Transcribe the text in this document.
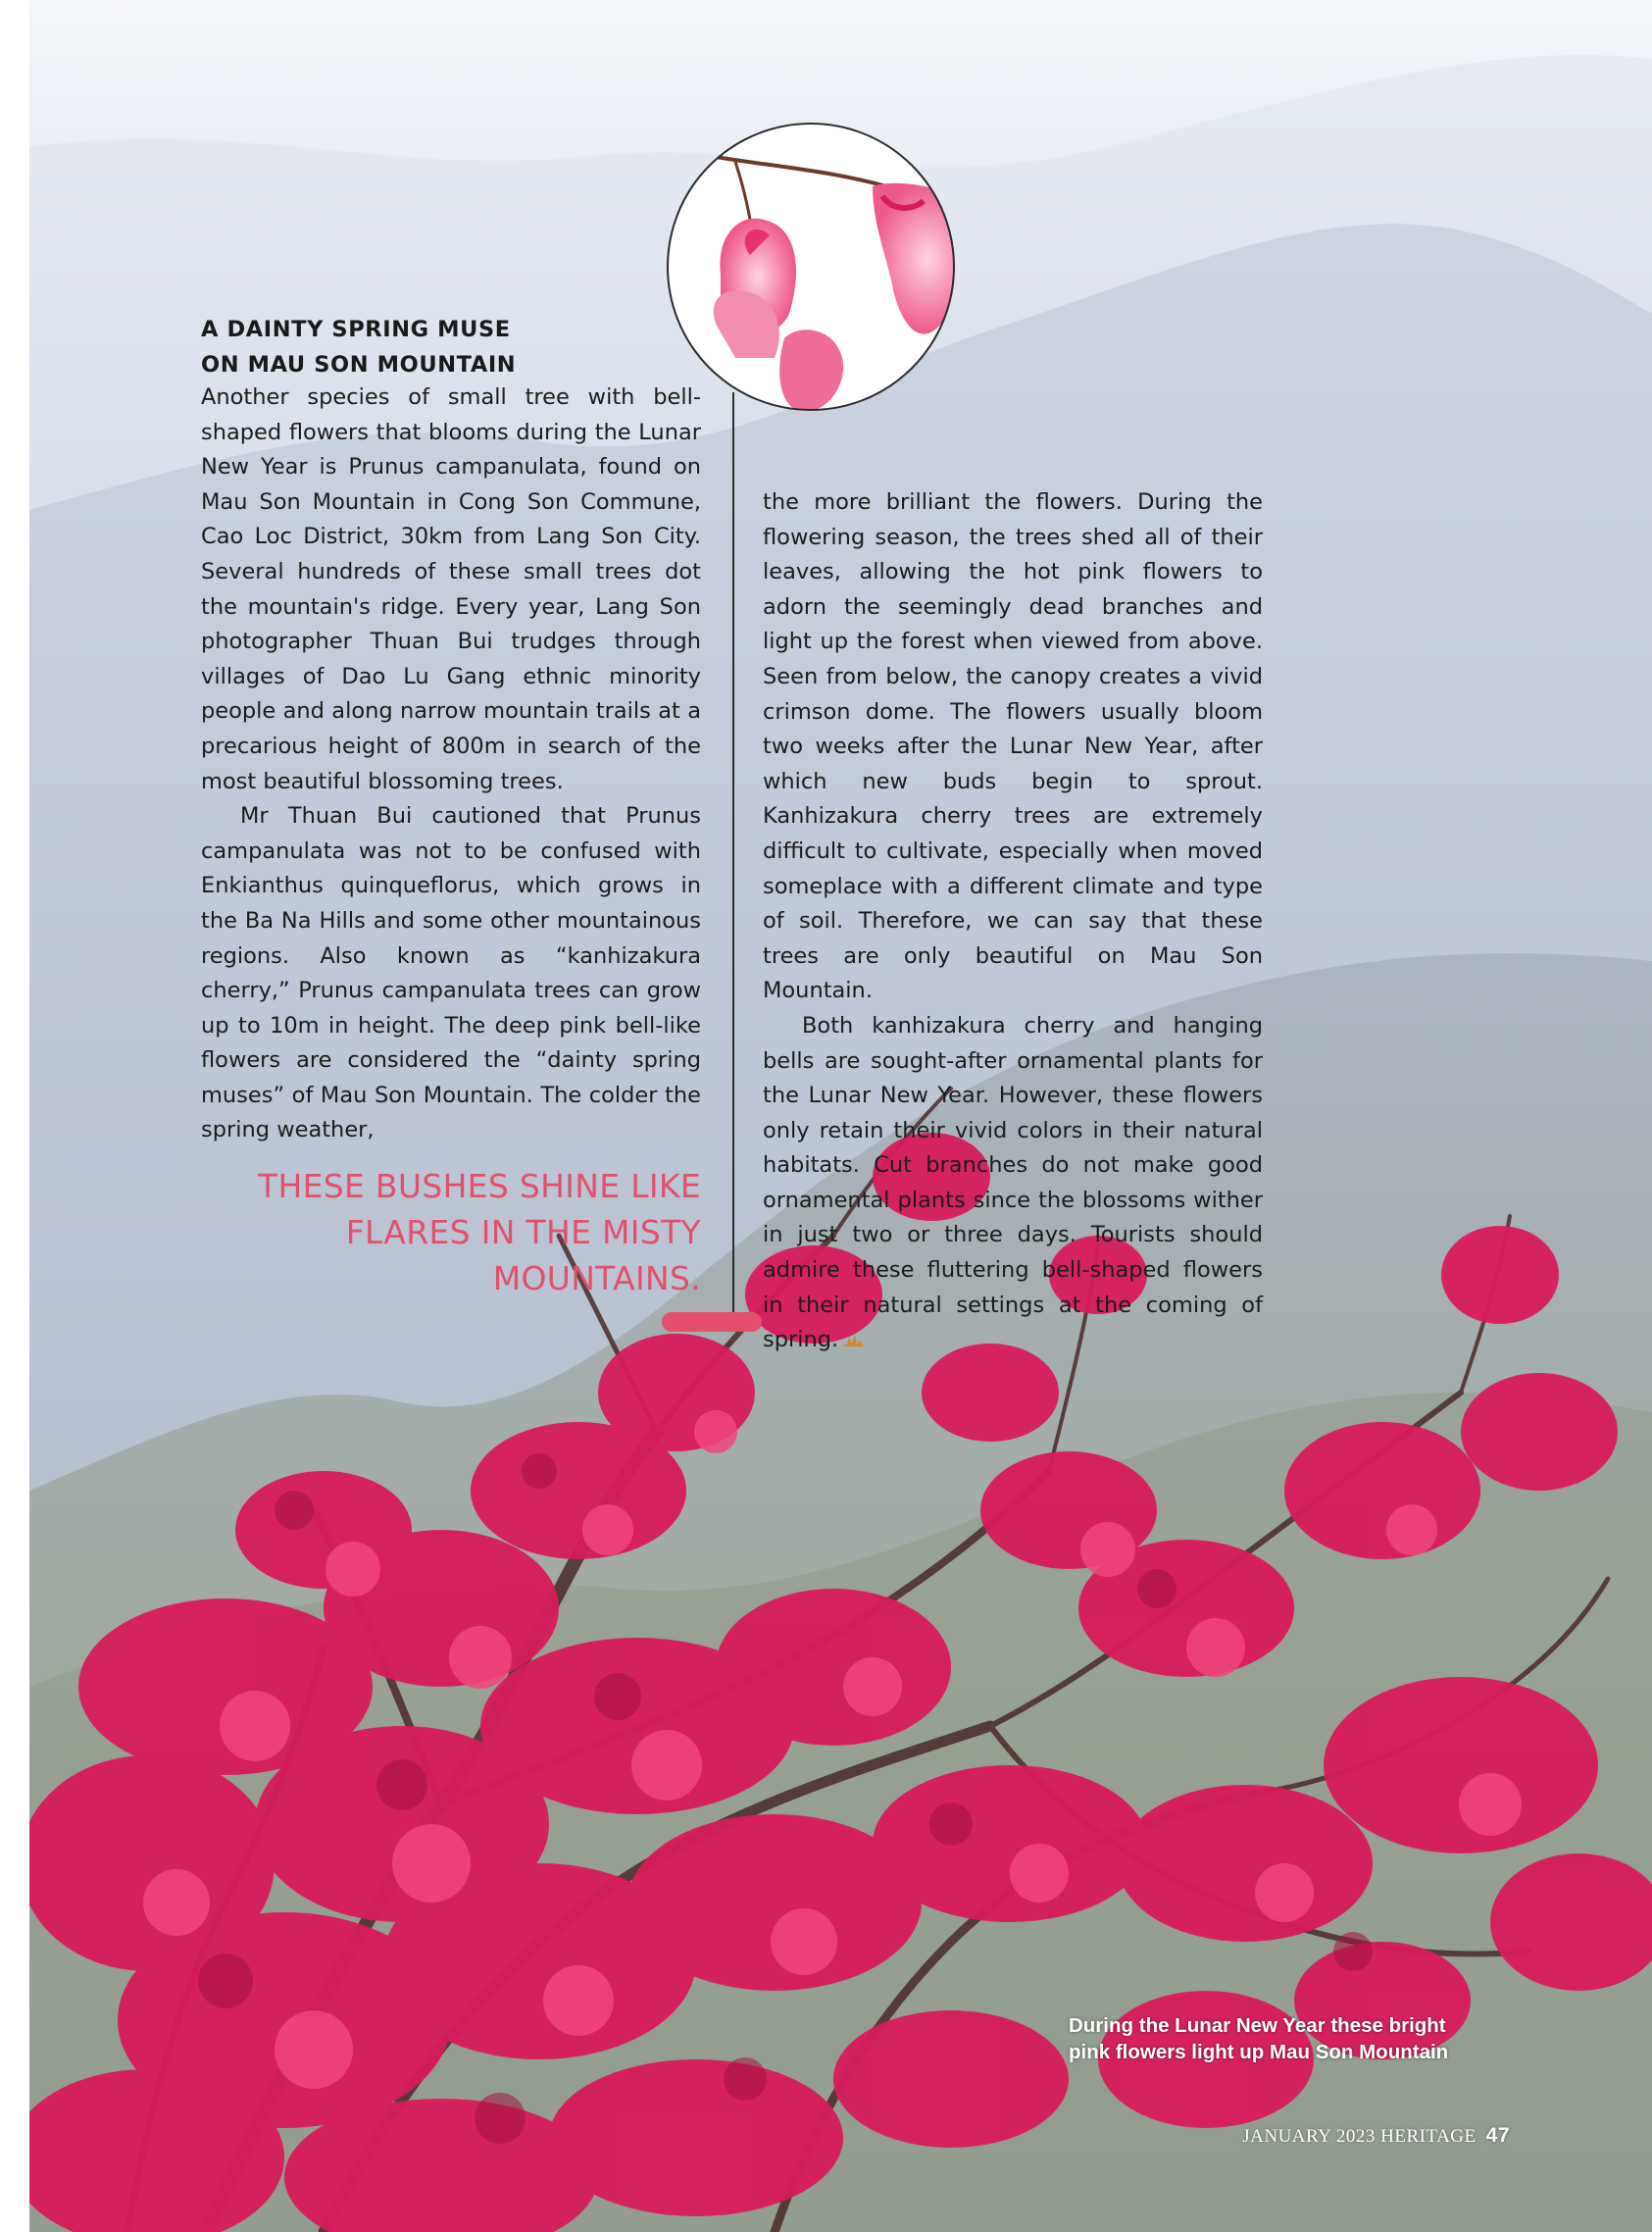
A DAINTY SPRING MUSE
ON MAU SON MOUNTAIN

Another species of small tree with bell-shaped flowers that blooms during the Lunar New Year is Prunus campanulata, found on Mau Son Mountain in Cong Son Commune, Cao Loc District, 30km from Lang Son City. Several hundreds of these small trees dot the mountain's ridge. Every year, Lang Son photographer Thuan Bui trudges through villages of Dao Lu Gang ethnic minority people and along narrow mountain trails at a precarious height of 800m in search of the most beautiful blossoming trees.

Mr Thuan Bui cautioned that Prunus campanulata was not to be confused with Enkianthus quinqueflorus, which grows in the Ba Na Hills and some other mountainous regions. Also known as “kanhizakura cherry,” Prunus campanulata trees can grow up to 10m in height. The deep pink bell-like flowers are considered the “dainty spring muses” of Mau Son Mountain. The colder the spring weather,

the more brilliant the flowers. During the flowering season, the trees shed all of their leaves, allowing the hot pink flowers to adorn the seemingly dead branches and light up the forest when viewed from above. Seen from below, the canopy creates a vivid crimson dome. The flowers usually bloom two weeks after the Lunar New Year, after which new buds begin to sprout. Kanhizakura cherry trees are extremely difficult to cultivate, especially when moved someplace with a different climate and type of soil. Therefore, we can say that these trees are only beautiful on Mau Son Mountain.

Both kanhizakura cherry and hanging bells are sought-after ornamental plants for the Lunar New Year. However, these flowers only retain their vivid colors in their natural habitats. Cut branches do not make good ornamental plants since the blossoms wither in just two or three days. Tourists should admire these fluttering bell-shaped flowers in their natural settings at the coming of spring.

THESE BUSHES SHINE LIKE FLARES IN THE MISTY MOUNTAINS.

During the Lunar New Year these bright
pink flowers light up Mau Son Mountain

JANUARY 2023 HERITAGE 47
